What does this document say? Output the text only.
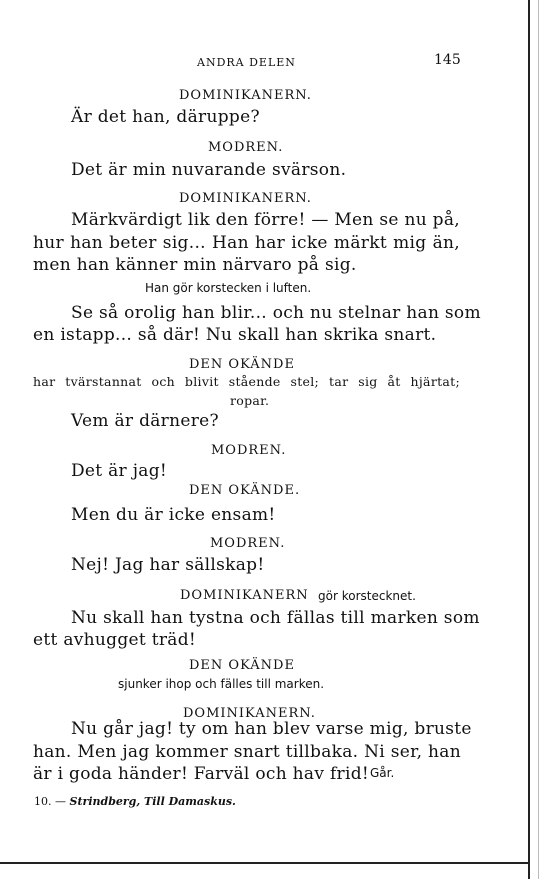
ANDRA DELEN	145
DOMINIKANERN.
Är det han, däruppe?
MODREN.
Det är min nuvarande svärson.
DOMINIKANERN.
Märkvärdigt lik den förre! — Men se nu på,
hur han beter sig... Han har icke märkt mig än,
men han känner min närvaro på sig.
Han gör korstecken i luften.
Se så orolig han blir... och nu stelnar han som
en istapp... så där! Nu skall han skrika snart.
DEN OKÄNDE
har tvärstannat och blivit stående stel; tar sig åt hjärtat;
ropar.
Vem är därnere?
MODREN.
Det är jag!
DEN OKÄNDE.
Men du är icke ensam!
MODREN.
Nej! Jag har sällskap!
DOMINIKANERN gör korstecknet.
Nu skall han tystna och fällas till marken som
ett avhugget träd!
DEN OKÄNDE
sjunker ihop och fälles till marken.
DOMINIKANERN.
Nu går jag! ty om han blev varse mig, bruste
han. Men jag kommer snart tillbaka. Ni ser, han
är i goda händer! Farväl och hav frid! Går.
10. — Strindberg, Till Damaskus.
